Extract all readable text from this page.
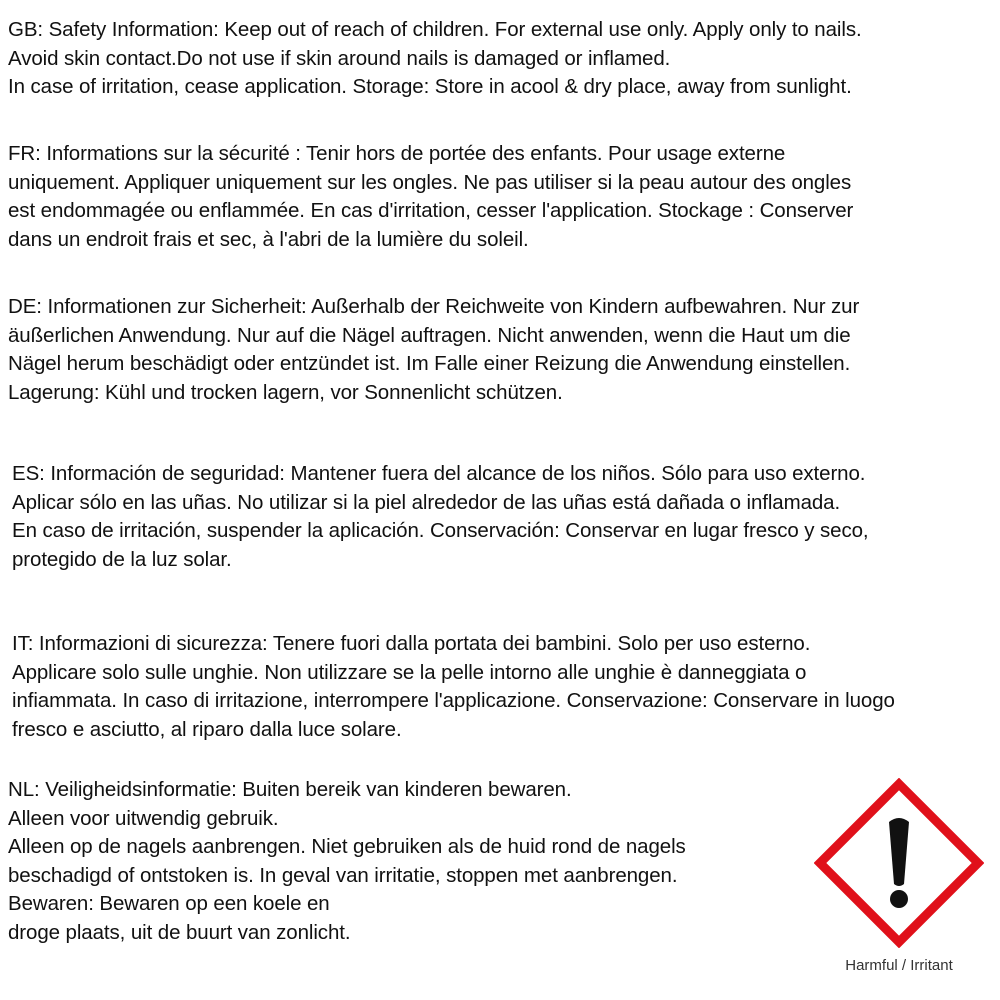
GB: Safety Information: Keep out of reach of children. For external use only. Apply only to nails.
Avoid skin contact.Do not use if skin around nails is damaged or inflamed.
In case of irritation, cease application. Storage: Store in acool & dry place, away from sunlight.
FR: Informations sur la sécurité : Tenir hors de portée des enfants. Pour usage externe
uniquement. Appliquer uniquement sur les ongles. Ne pas utiliser si la peau autour des ongles
est endommagée ou enflammée. En cas d'irritation, cesser l'application. Stockage : Conserver
dans un endroit frais et sec, à l'abri de la lumière du soleil.
DE: Informationen zur Sicherheit: Außerhalb der Reichweite von Kindern aufbewahren. Nur zur
äußerlichen Anwendung. Nur auf die Nägel auftragen. Nicht anwenden, wenn die Haut um die
Nägel herum beschädigt oder entzündet ist. Im Falle einer Reizung die Anwendung einstellen.
Lagerung: Kühl und trocken lagern, vor Sonnenlicht schützen.
ES: Información de seguridad: Mantener fuera del alcance de los niños. Sólo para uso externo.
Aplicar sólo en las uñas. No utilizar si la piel alrededor de las uñas está dañada o inflamada.
En caso de irritación, suspender la aplicación. Conservación: Conservar en lugar fresco y seco,
protegido de la luz solar.
IT: Informazioni di sicurezza: Tenere fuori dalla portata dei bambini. Solo per uso esterno.
Applicare solo sulle unghie. Non utilizzare se la pelle intorno alle unghie è danneggiata o
infiammata. In caso di irritazione, interrompere l'applicazione. Conservazione: Conservare in luogo
fresco e asciutto, al riparo dalla luce solare.
NL: Veiligheidsinformatie: Buiten bereik van kinderen bewaren.
Alleen voor uitwendig gebruik.
Alleen op de nagels aanbrengen. Niet gebruiken als de huid rond de nagels
beschadigd of ontstoken is. In geval van irritatie, stoppen met aanbrengen.
Bewaren: Bewaren op een koele en
droge plaats, uit de buurt van zonlicht.
Harmful / Irritant
